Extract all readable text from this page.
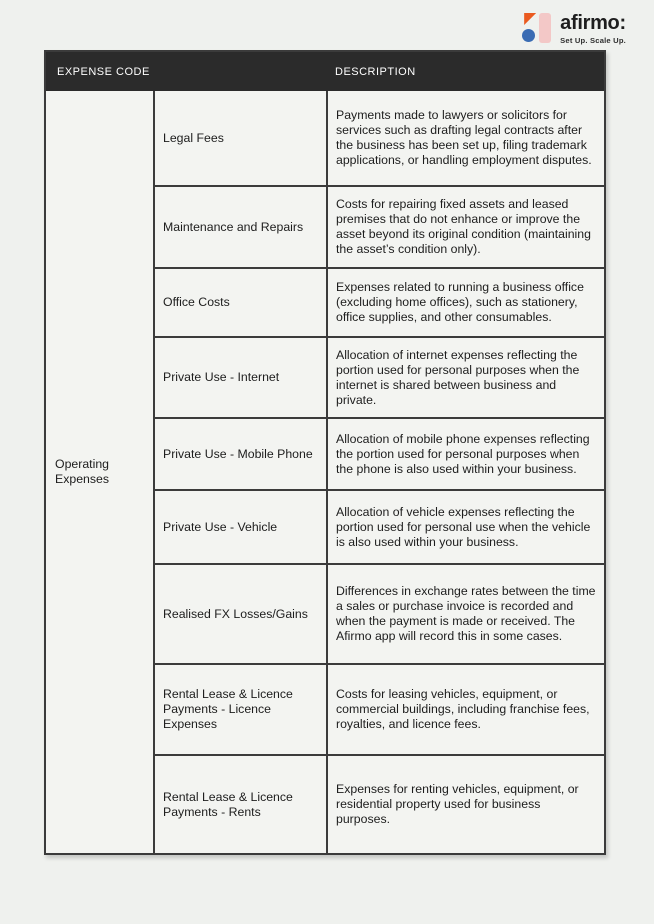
afirmo:
Set Up. Scale Up.
EXPENSE CODE	DESCRIPTION
Operating Expenses
Legal Fees
Payments made to lawyers or solicitors for services such as drafting legal contracts after the business has been set up, filing trademark applications, or handling employment disputes.
Maintenance and Repairs
Costs for repairing fixed assets and leased premises that do not enhance or improve the asset beyond its original condition (maintaining the asset’s condition only).
Office Costs
Expenses related to running a business office (excluding home offices), such as stationery, office supplies, and other consumables.
Private Use - Internet
Allocation of internet expenses reflecting the portion used for personal purposes when the internet is shared between business and private.
Private Use - Mobile Phone
Allocation of mobile phone expenses reflecting the portion used for personal purposes when the phone is also used within your business.
Private Use - Vehicle
Allocation of vehicle expenses reflecting the portion used for personal use when the vehicle is also used within your business.
Realised FX Losses/Gains
Differences in exchange rates between the time a sales or purchase invoice is recorded and when the payment is made or received. The Afirmo app will record this in some cases.
Rental Lease & Licence Payments - Licence Expenses
Costs for leasing vehicles, equipment, or commercial buildings, including franchise fees, royalties, and licence fees.
Rental Lease & Licence Payments - Rents
Expenses for renting vehicles, equipment, or residential property used for business purposes.
